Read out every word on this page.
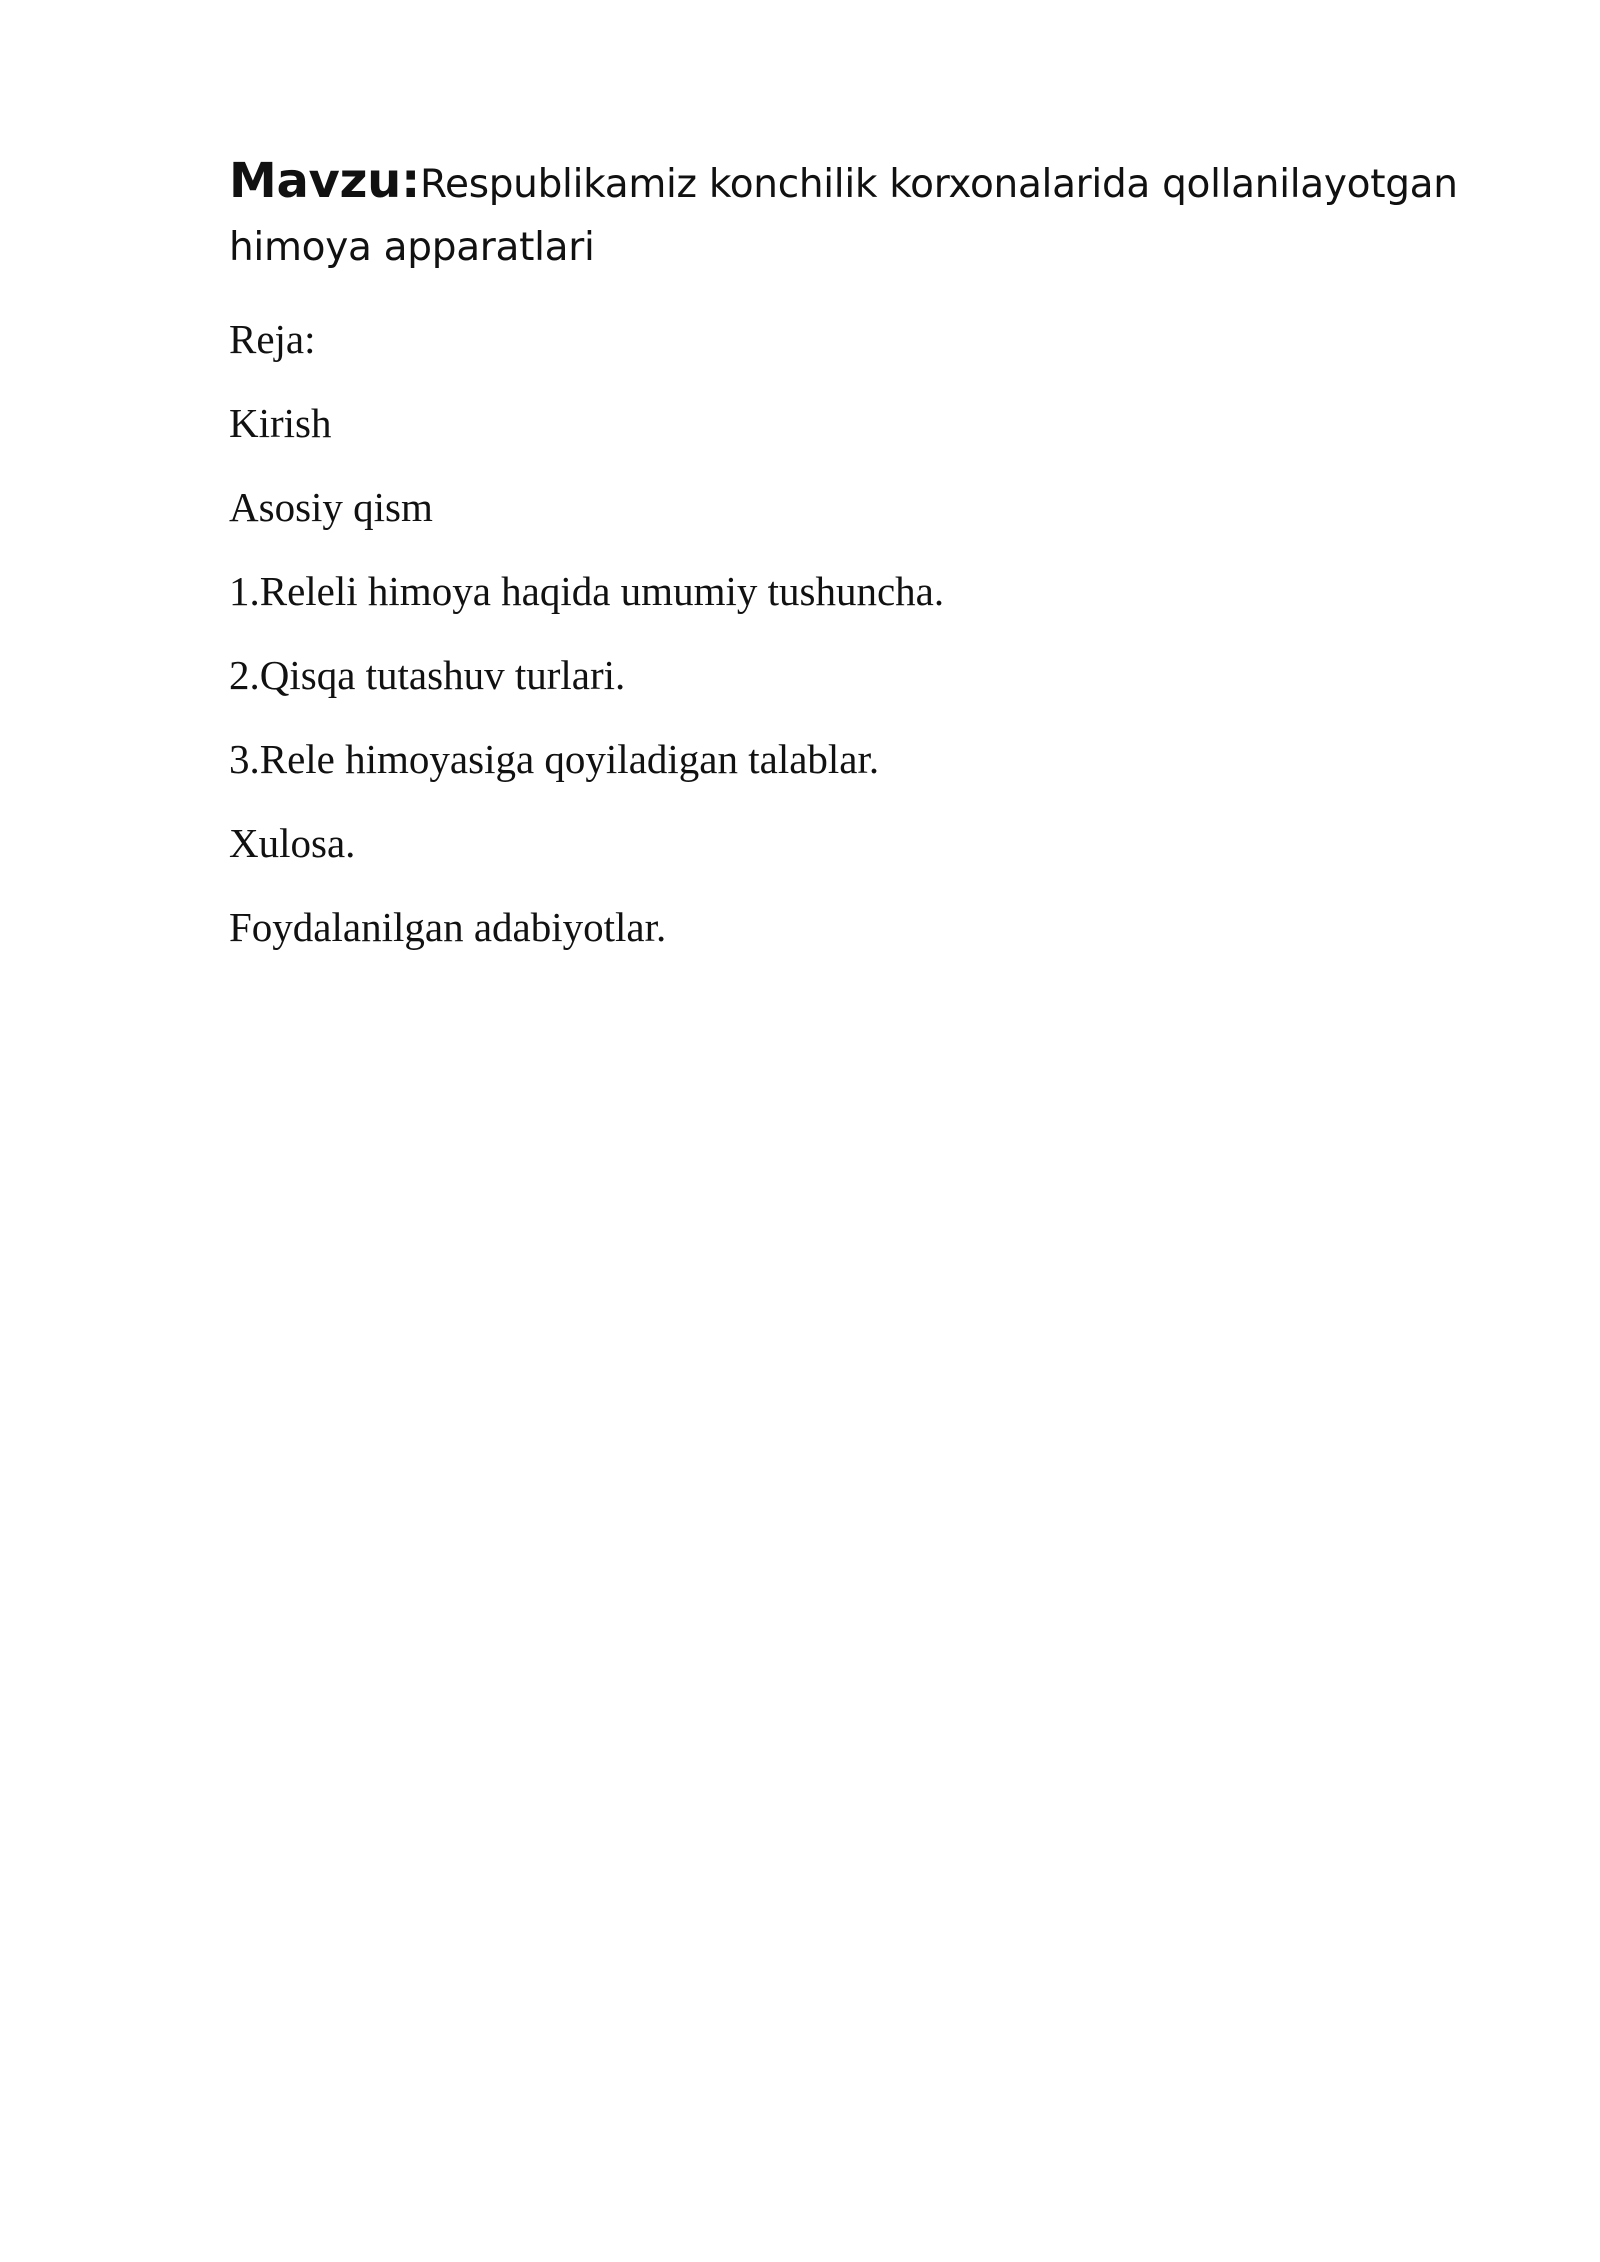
Mavzu:Respublikamiz konchilik korxonalarida qollanilayotgan himoya apparatlari

Reja:
Kirish
Asosiy qism
1.Releli himoya haqida umumiy tushuncha.
2.Qisqa tutashuv turlari.
3.Rele himoyasiga qoyiladigan talablar.
Xulosa.
Foydalanilgan adabiyotlar.
